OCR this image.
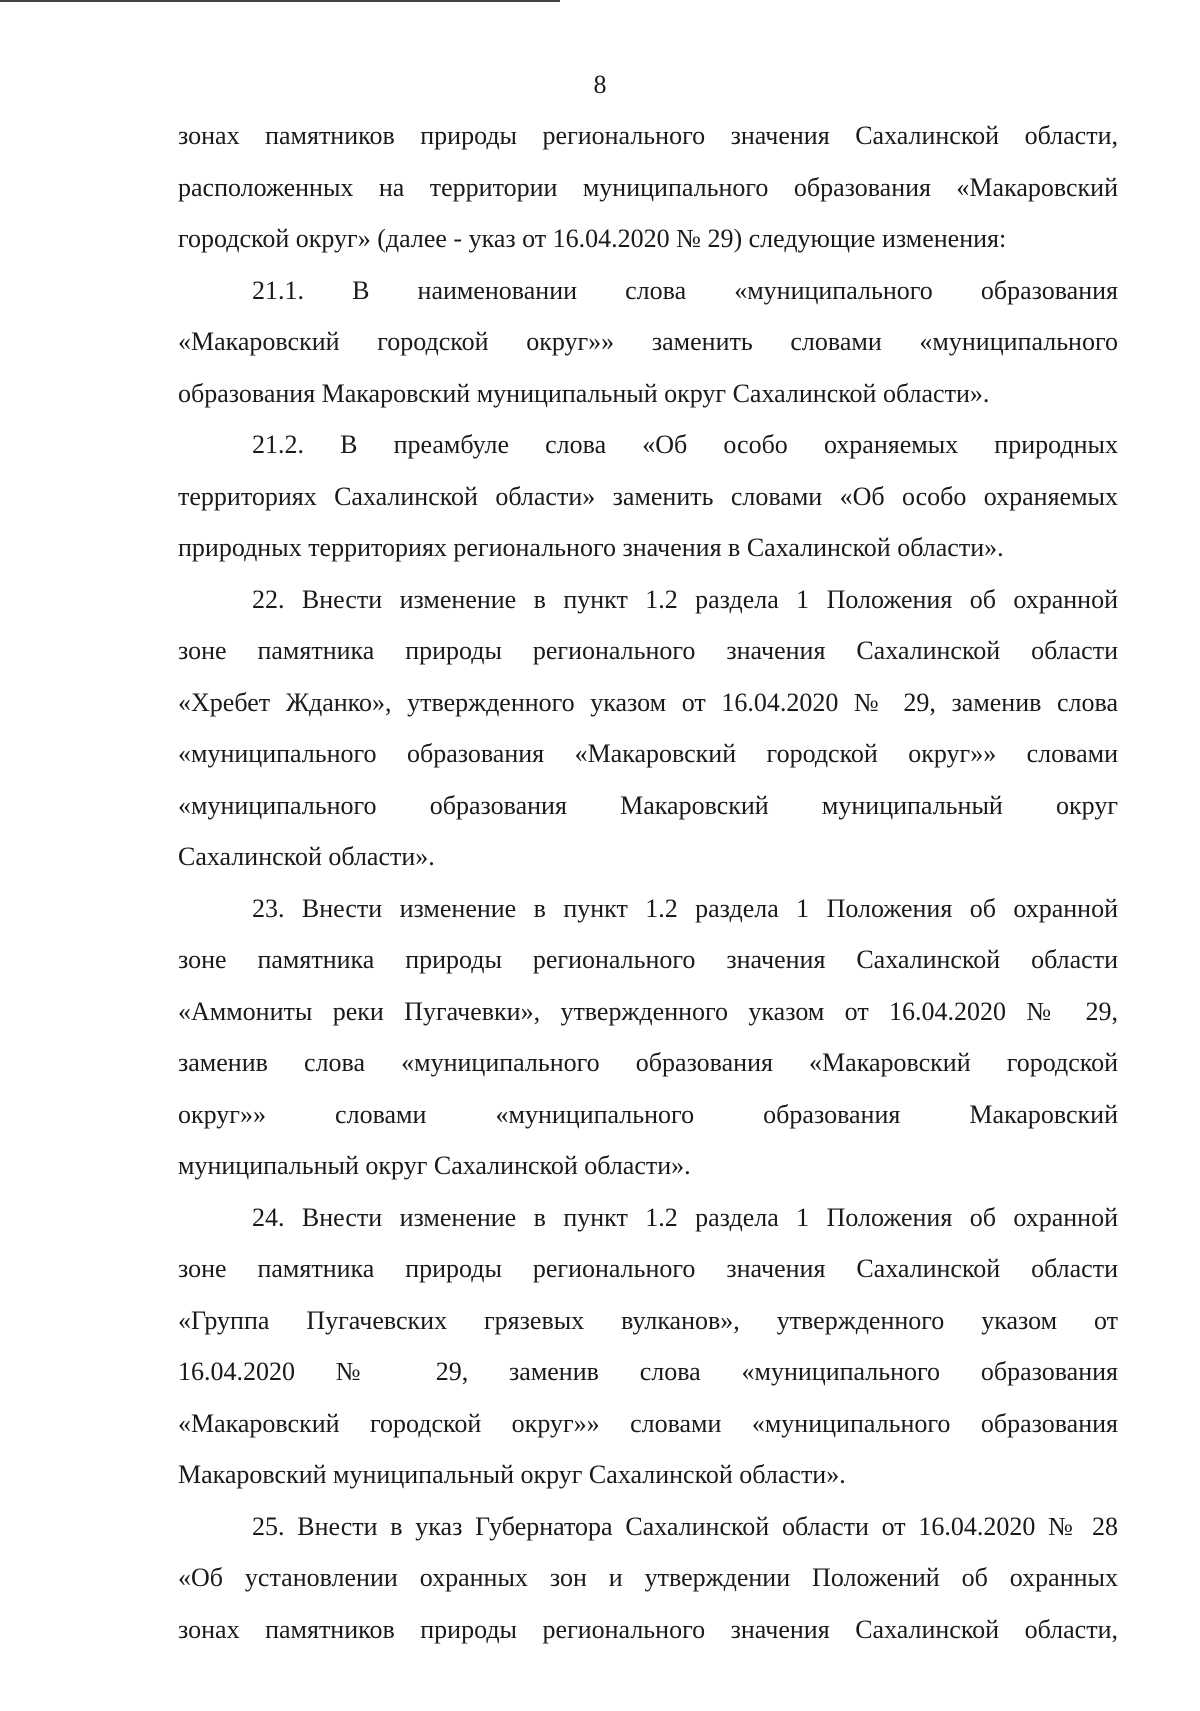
8
зонах памятников природы регионального значения Сахалинской области,
расположенных на территории муниципального образования «Макаровский
городской округ» (далее - указ от 16.04.2020 № 29) следующие изменения:
21.1. В наименовании слова «муниципального образования
«Макаровский городской округ»» заменить словами «муниципального
образования Макаровский муниципальный округ Сахалинской области».
21.2. В преамбуле слова «Об особо охраняемых природных
территориях Сахалинской области» заменить словами «Об особо охраняемых
природных территориях регионального значения в Сахалинской области».
22. Внести изменение в пункт 1.2 раздела 1 Положения об охранной
зоне памятника природы регионального значения Сахалинской области
«Хребет Жданко», утвержденного указом от 16.04.2020 № 29, заменив слова
«муниципального образования «Макаровский городской округ»» словами
«муниципального образования Макаровский муниципальный округ
Сахалинской области».
23. Внести изменение в пункт 1.2 раздела 1 Положения об охранной
зоне памятника природы регионального значения Сахалинской области
«Аммониты реки Пугачевки», утвержденного указом от 16.04.2020 № 29,
заменив слова «муниципального образования «Макаровский городской
округ»» словами «муниципального образования Макаровский
муниципальный округ Сахалинской области».
24. Внести изменение в пункт 1.2 раздела 1 Положения об охранной
зоне памятника природы регионального значения Сахалинской области
«Группа Пугачевских грязевых вулканов», утвержденного указом от
16.04.2020 № 29, заменив слова «муниципального образования
«Макаровский городской округ»» словами «муниципального образования
Макаровский муниципальный округ Сахалинской области».
25. Внести в указ Губернатора Сахалинской области от 16.04.2020 № 28
«Об установлении охранных зон и утверждении Положений об охранных
зонах памятников природы регионального значения Сахалинской области,
